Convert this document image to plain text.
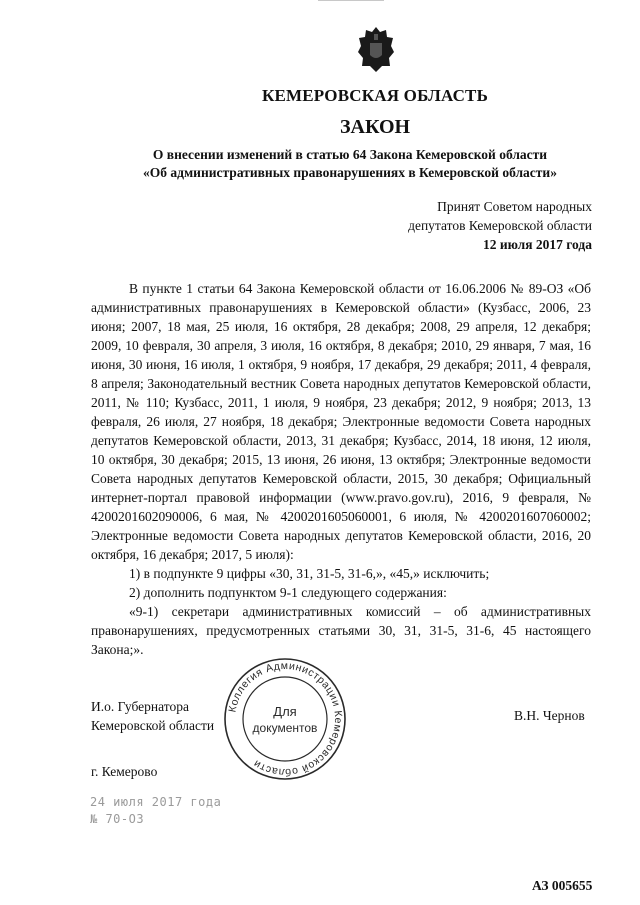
КЕМЕРОВСКАЯ ОБЛАСТЬ
ЗАКОН
О внесении изменений в статью 64 Закона Кемеровской области
«Об административных правонарушениях в Кемеровской области»
Принят Советом народных
депутатов Кемеровской области
12 июля 2017 года

В пункте 1 статьи 64 Закона Кемеровской области от 16.06.2006 № 89-ОЗ «Об административных правонарушениях в Кемеровской области» (Кузбасс, 2006, 23 июня; 2007, 18 мая, 25 июля, 16 октября, 28 декабря; 2008, 29 апреля, 12 декабря; 2009, 10 февраля, 30 апреля, 3 июля, 16 октября, 8 декабря; 2010, 29 января, 7 мая, 16 июня, 30 июня, 16 июля, 1 октября, 9 ноября, 17 декабря, 29 декабря; 2011, 4 февраля, 8 апреля; Законодательный вестник Совета народных депутатов Кемеровской области, 2011, № 110; Кузбасс, 2011, 1 июля, 9 ноября, 23 декабря; 2012, 9 ноября; 2013, 13 февраля, 26 июля, 27 ноября, 18 декабря; Электронные ведомости Совета народных депутатов Кемеровской области, 2013, 31 декабря; Кузбасс, 2014, 18 июня, 12 июля, 10 октября, 30 декабря; 2015, 13 июня, 26 июня, 13 октября; Электронные ведомости Совета народных депутатов Кемеровской области, 2015, 30 декабря; Официальный интернет-портал правовой информации (www.pravo.gov.ru), 2016, 9 февраля, № 4200201602090006, 6 мая, № 4200201605060001, 6 июля, № 4200201607060002; Электронные ведомости Совета народных депутатов Кемеровской области, 2016, 20 октября, 16 декабря; 2017, 5 июля):

1) в подпункте 9 цифры «30, 31, 31-5, 31-6,», «45,» исключить;

2) дополнить подпунктом 9-1 следующего содержания:

«9-1) секретари административных комиссий – об административных правонарушениях, предусмотренных статьями 30, 31, 31-5, 31-6, 45 настоящего Закона;».

И.о. Губернатора
Кемеровской области
Коллегия Администрации Кемеровской области
Для
документов
В.Н. Чернов
г. Кемерово
24 июля 2017 года
№ 70-ОЗ
АЗ 005655
